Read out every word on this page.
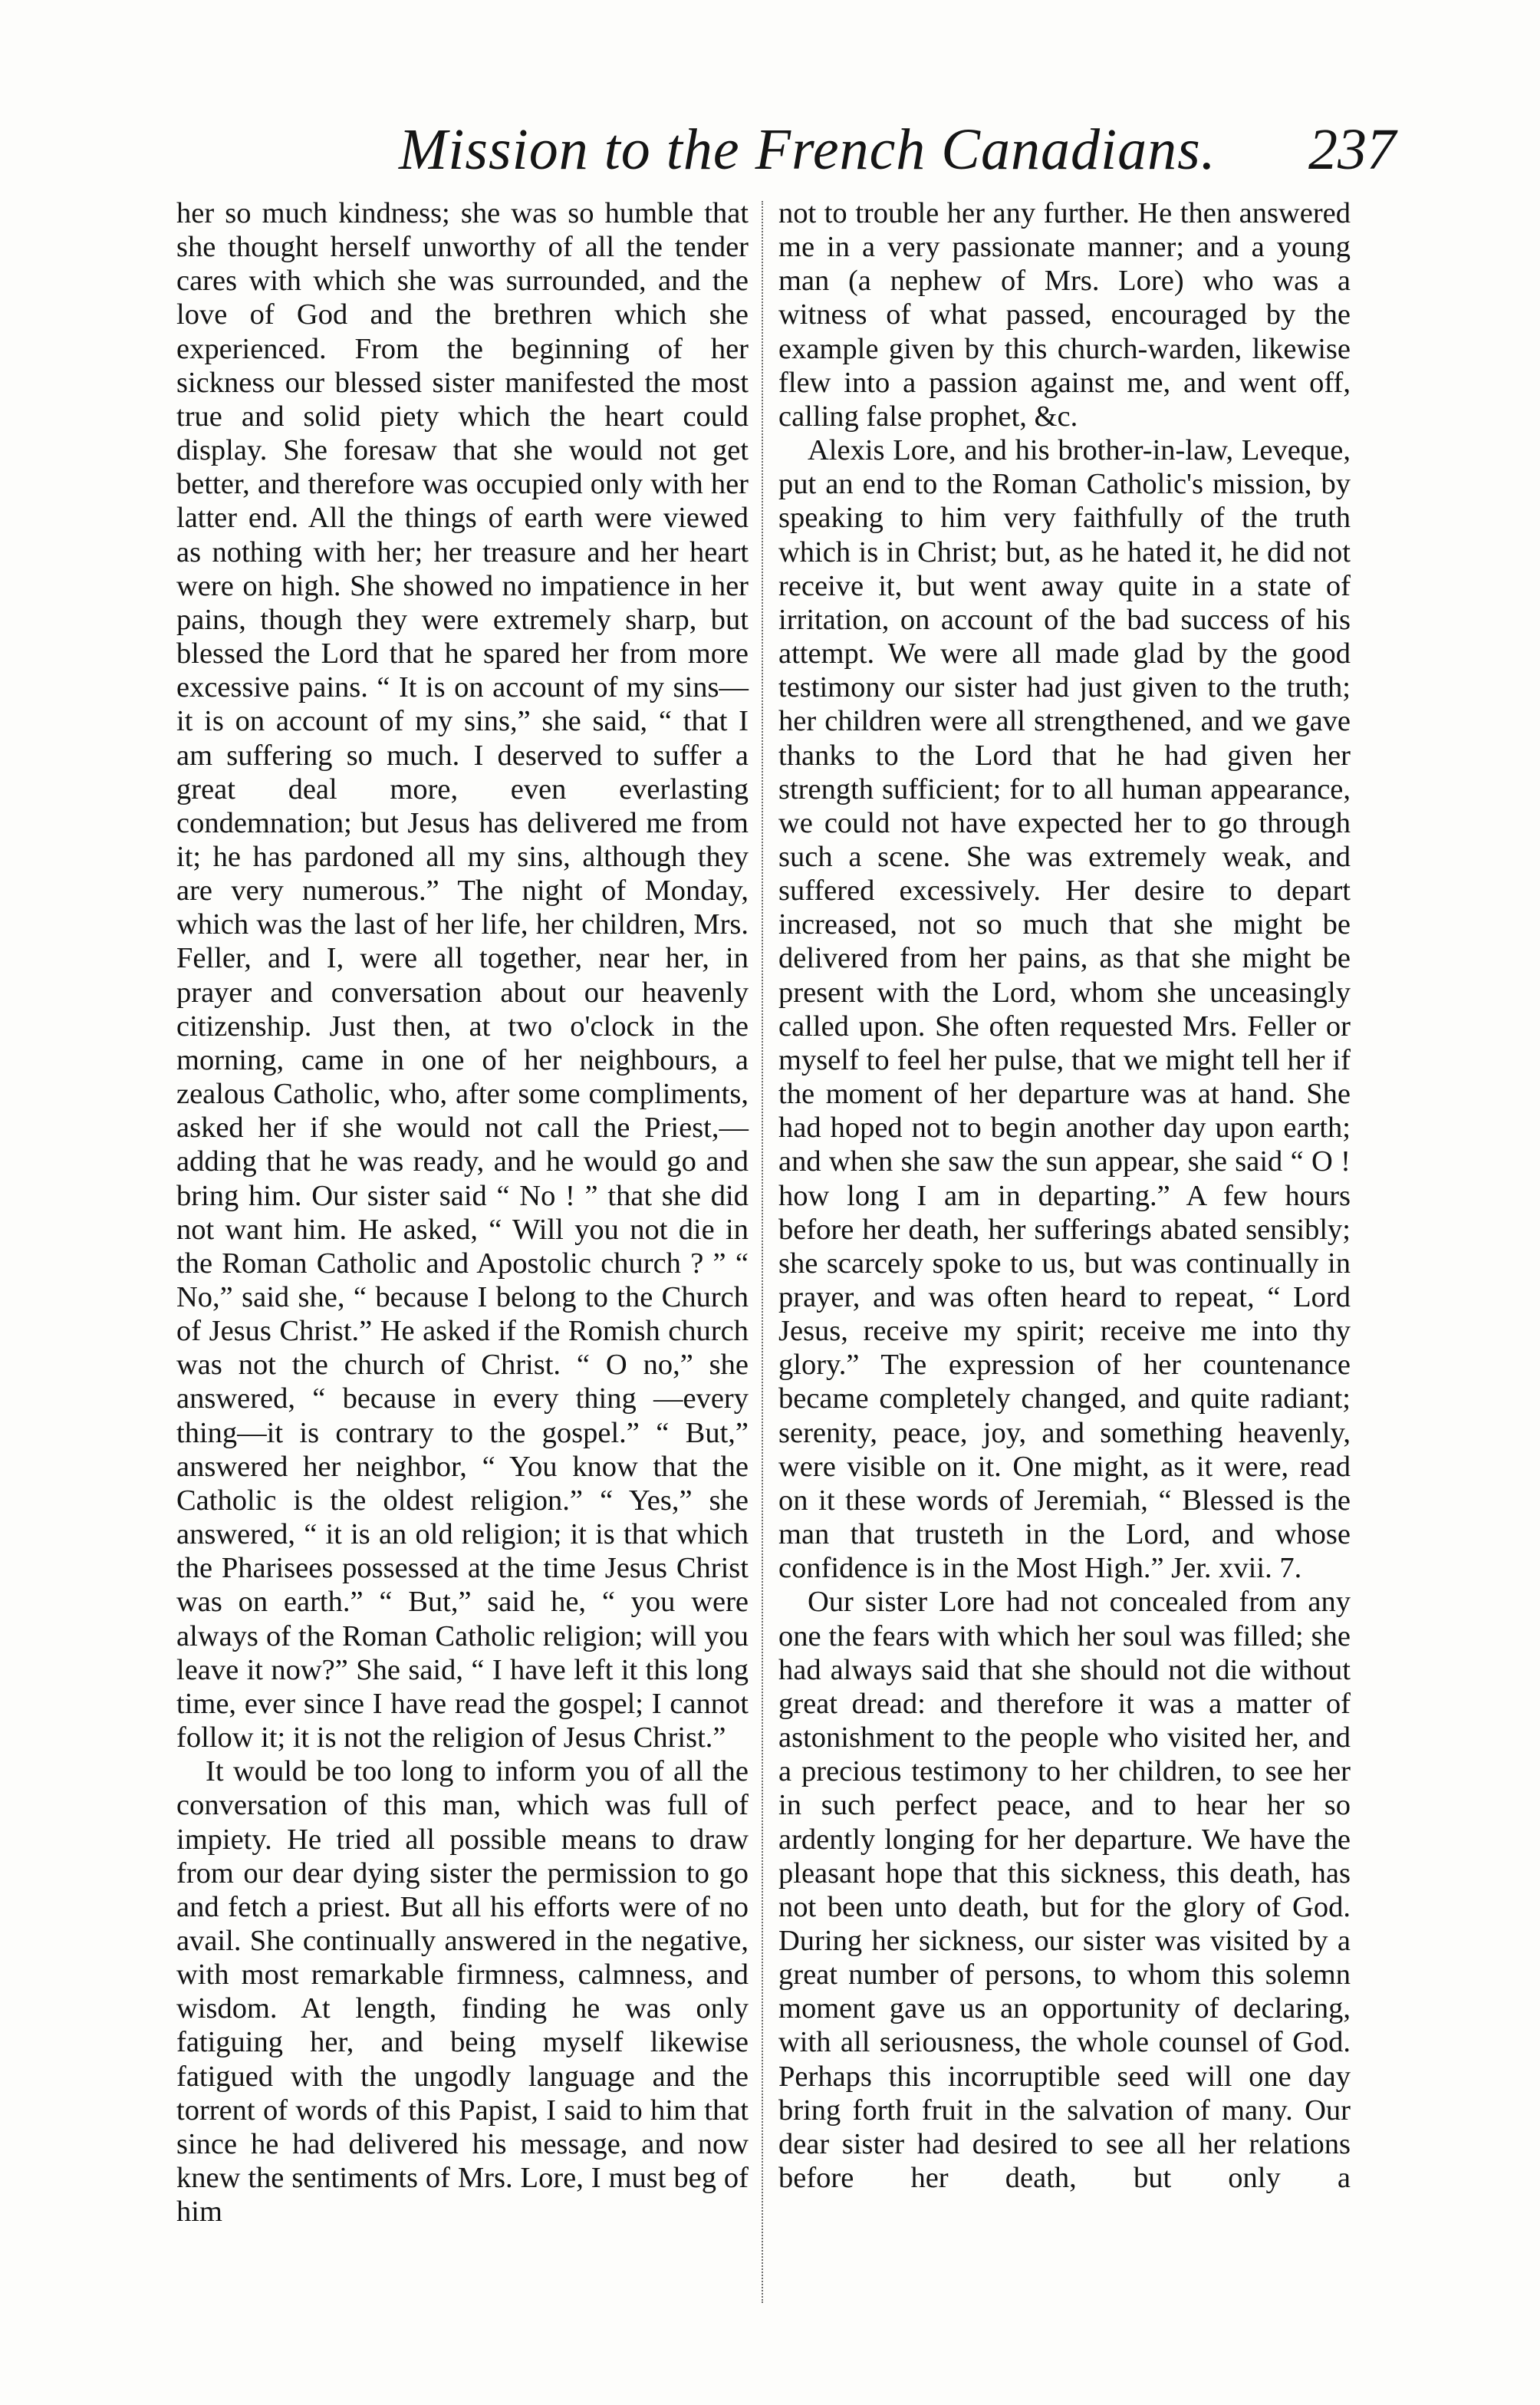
Mission to the French Canadians. 237

her so much kindness; she was so humble that she thought herself unworthy of all the tender cares with which she was surrounded, and the love of God and the brethren which she experienced. From the beginning of her sickness our blessed sister manifested the most true and solid piety which the heart could display. She foresaw that she would not get better, and therefore was occupied only with her latter end. All the things of earth were viewed as nothing with her; her treasure and her heart were on high. She showed no impatience in her pains, though they were extremely sharp, but blessed the Lord that he spared her from more excessive pains. “ It is on account of my sins—it is on account of my sins,” she said, “ that I am suffering so much. I deserved to suffer a great deal more, even everlasting condemnation; but Jesus has delivered me from it; he has pardoned all my sins, although they are very numerous.” The night of Monday, which was the last of her life, her children, Mrs. Feller, and I, were all together, near her, in prayer and conversation about our heavenly citizenship. Just then, at two o'clock in the morning, came in one of her neighbours, a zealous Catholic, who, after some compliments, asked her if she would not call the Priest,—adding that he was ready, and he would go and bring him. Our sister said “ No ! ” that she did not want him. He asked, “ Will you not die in the Roman Catholic and Apostolic church ? ” “ No,” said she, “ because I belong to the Church of Jesus Christ.” He asked if the Romish church was not the church of Christ. “ O no,” she answered, “ because in every thing —every thing—it is contrary to the gospel.” “ But,” answered her neighbor, “ You know that the Catholic is the oldest religion.” “ Yes,” she answered, “ it is an old religion; it is that which the Pharisees possessed at the time Jesus Christ was on earth.” “ But,” said he, “ you were always of the Roman Catholic religion; will you leave it now?” She said, “ I have left it this long time, ever since I have read the gospel; I cannot follow it; it is not the religion of Jesus Christ.”

It would be too long to inform you of all the conversation of this man, which was full of impiety. He tried all possible means to draw from our dear dying sister the permission to go and fetch a priest. But all his efforts were of no avail. She continually answered in the negative, with most remarkable firmness, calmness, and wisdom. At length, finding he was only fatiguing her, and being myself likewise fatigued with the ungodly language and the torrent of words of this Papist, I said to him that since he had delivered his message, and now knew the sentiments of Mrs. Lore, I must beg of him

not to trouble her any further. He then answered me in a very passionate manner; and a young man (a nephew of Mrs. Lore) who was a witness of what passed, encouraged by the example given by this church-warden, likewise flew into a passion against me, and went off, calling false prophet, &c.

Alexis Lore, and his brother-in-law, Leveque, put an end to the Roman Catholic's mission, by speaking to him very faithfully of the truth which is in Christ; but, as he hated it, he did not receive it, but went away quite in a state of irritation, on account of the bad success of his attempt. We were all made glad by the good testimony our sister had just given to the truth; her children were all strengthened, and we gave thanks to the Lord that he had given her strength sufficient; for to all human appearance, we could not have expected her to go through such a scene. She was extremely weak, and suffered excessively. Her desire to depart increased, not so much that she might be delivered from her pains, as that she might be present with the Lord, whom she unceasingly called upon. She often requested Mrs. Feller or myself to feel her pulse, that we might tell her if the moment of her departure was at hand. She had hoped not to begin another day upon earth; and when she saw the sun appear, she said “ O ! how long I am in departing.” A few hours before her death, her sufferings abated sensibly; she scarcely spoke to us, but was continually in prayer, and was often heard to repeat, “ Lord Jesus, receive my spirit; receive me into thy glory.” The expression of her countenance became completely changed, and quite radiant; serenity, peace, joy, and something heavenly, were visible on it. One might, as it were, read on it these words of Jeremiah, “ Blessed is the man that trusteth in the Lord, and whose confidence is in the Most High.” Jer. xvii. 7.

Our sister Lore had not concealed from any one the fears with which her soul was filled; she had always said that she should not die without great dread: and therefore it was a matter of astonishment to the people who visited her, and a precious testimony to her children, to see her in such perfect peace, and to hear her so ardently longing for her departure. We have the pleasant hope that this sickness, this death, has not been unto death, but for the glory of God. During her sickness, our sister was visited by a great number of persons, to whom this solemn moment gave us an opportunity of declaring, with all seriousness, the whole counsel of God. Perhaps this incorruptible seed will one day bring forth fruit in the salvation of many. Our dear sister had desired to see all her relations before her death, but only a
